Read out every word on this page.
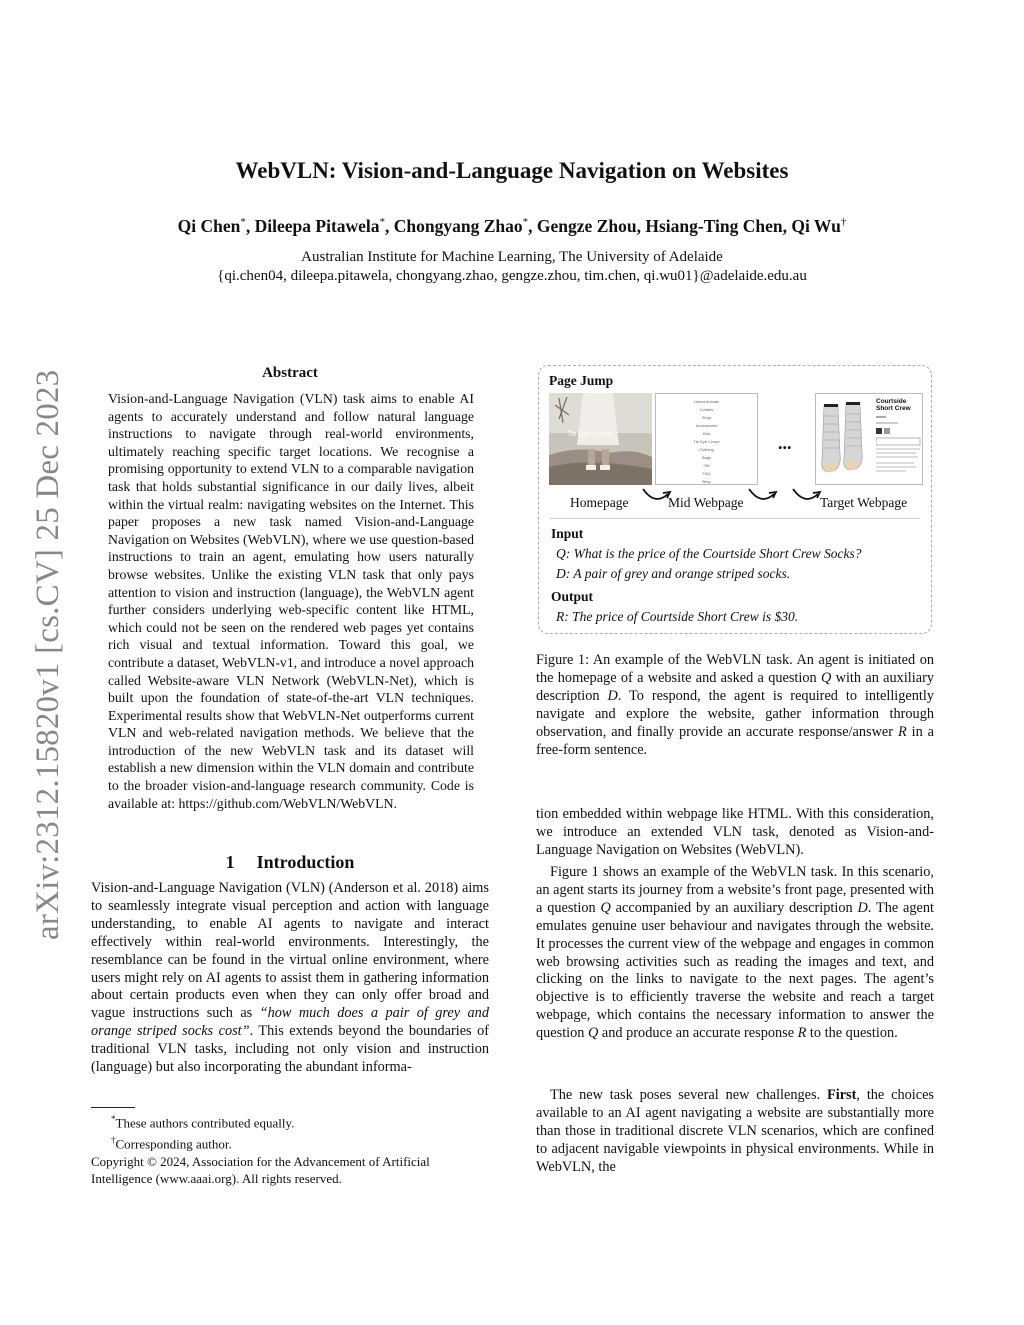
arXiv:2312.15820v1 [cs.CV] 25 Dec 2023
WebVLN: Vision-and-Language Navigation on Websites
Qi Chen*, Dileepa Pitawela*, Chongyang Zhao*, Gengze Zhou, Hsiang-Ting Chen, Qi Wu†
Australian Institute for Machine Learning, The University of Adelaide
{qi.chen04, dileepa.pitawela, chongyang.zhao, gengze.zhou, tim.chen, qi.wu01}@adelaide.edu.au
Abstract
Vision-and-Language Navigation (VLN) task aims to enable AI agents to accurately understand and follow natural language instructions to navigate through real-world environments, ultimately reaching specific target locations. We recognise a promising opportunity to extend VLN to a comparable navigation task that holds substantial significance in our daily lives, albeit within the virtual realm: navigating websites on the Internet. This paper proposes a new task named Vision-and-Language Navigation on Websites (WebVLN), where we use question-based instructions to train an agent, emulating how users naturally browse websites. Unlike the existing VLN task that only pays attention to vision and instruction (language), the WebVLN agent further considers underlying web-specific content like HTML, which could not be seen on the rendered web pages yet contains rich visual and textual information. Toward this goal, we contribute a dataset, WebVLN-v1, and introduce a novel approach called Website-aware VLN Network (WebVLN-Net), which is built upon the foundation of state-of-the-art VLN techniques. Experimental results show that WebVLN-Net outperforms current VLN and web-related navigation methods. We believe that the introduction of the new WebVLN task and its dataset will establish a new dimension within the VLN domain and contribute to the broader vision-and-language research community. Code is available at: https://github.com/WebVLN/WebVLN.
1 Introduction
Vision-and-Language Navigation (VLN) (Anderson et al. 2018) aims to seamlessly integrate visual perception and action with language understanding, to enable AI agents to navigate and interact effectively within real-world environments. Interestingly, the resemblance can be found in the virtual online environment, where users might rely on AI agents to assist them in gathering information about certain products even when they can only offer broad and vague instructions such as “how much does a pair of grey and orange striped socks cost”. This extends beyond the boundaries of traditional VLN tasks, including not only vision and instruction (language) but also incorporating the abundant informa-
*These authors contributed equally.
†Corresponding author.
Copyright © 2024, Association for the Advancement of Artificial Intelligence (www.aaai.org). All rights reserved.
Page Jump
Tie Dye Crews
Latest Arrivals
Collabs
Shop
Accessories
Kids
Tie Dye Crews
Clothing
Bags
Gift
FAQ
Blog
...
Courtside Short Crew
Homepage	Mid Webpage	Target Webpage
Input
Q: What is the price of the Courtside Short Crew Socks?
D: A pair of grey and orange striped socks.
Output
R: The price of Courtside Short Crew is $30.
Figure 1: An example of the WebVLN task. An agent is initiated on the homepage of a website and asked a question Q with an auxiliary description D. To respond, the agent is required to intelligently navigate and explore the website, gather information through observation, and finally provide an accurate response/answer R in a free-form sentence.
tion embedded within webpage like HTML. With this consideration, we introduce an extended VLN task, denoted as Vision-and-Language Navigation on Websites (WebVLN).
Figure 1 shows an example of the WebVLN task. In this scenario, an agent starts its journey from a website’s front page, presented with a question Q accompanied by an auxiliary description D. The agent emulates genuine user behaviour and navigates through the website. It processes the current view of the webpage and engages in common web browsing activities such as reading the images and text, and clicking on the links to navigate to the next pages. The agent’s objective is to efficiently traverse the website and reach a target webpage, which contains the necessary information to answer the question Q and produce an accurate response R to the question.
The new task poses several new challenges. First, the choices available to an AI agent navigating a website are substantially more than those in traditional discrete VLN scenarios, which are confined to adjacent navigable viewpoints in physical environments. While in WebVLN, the
